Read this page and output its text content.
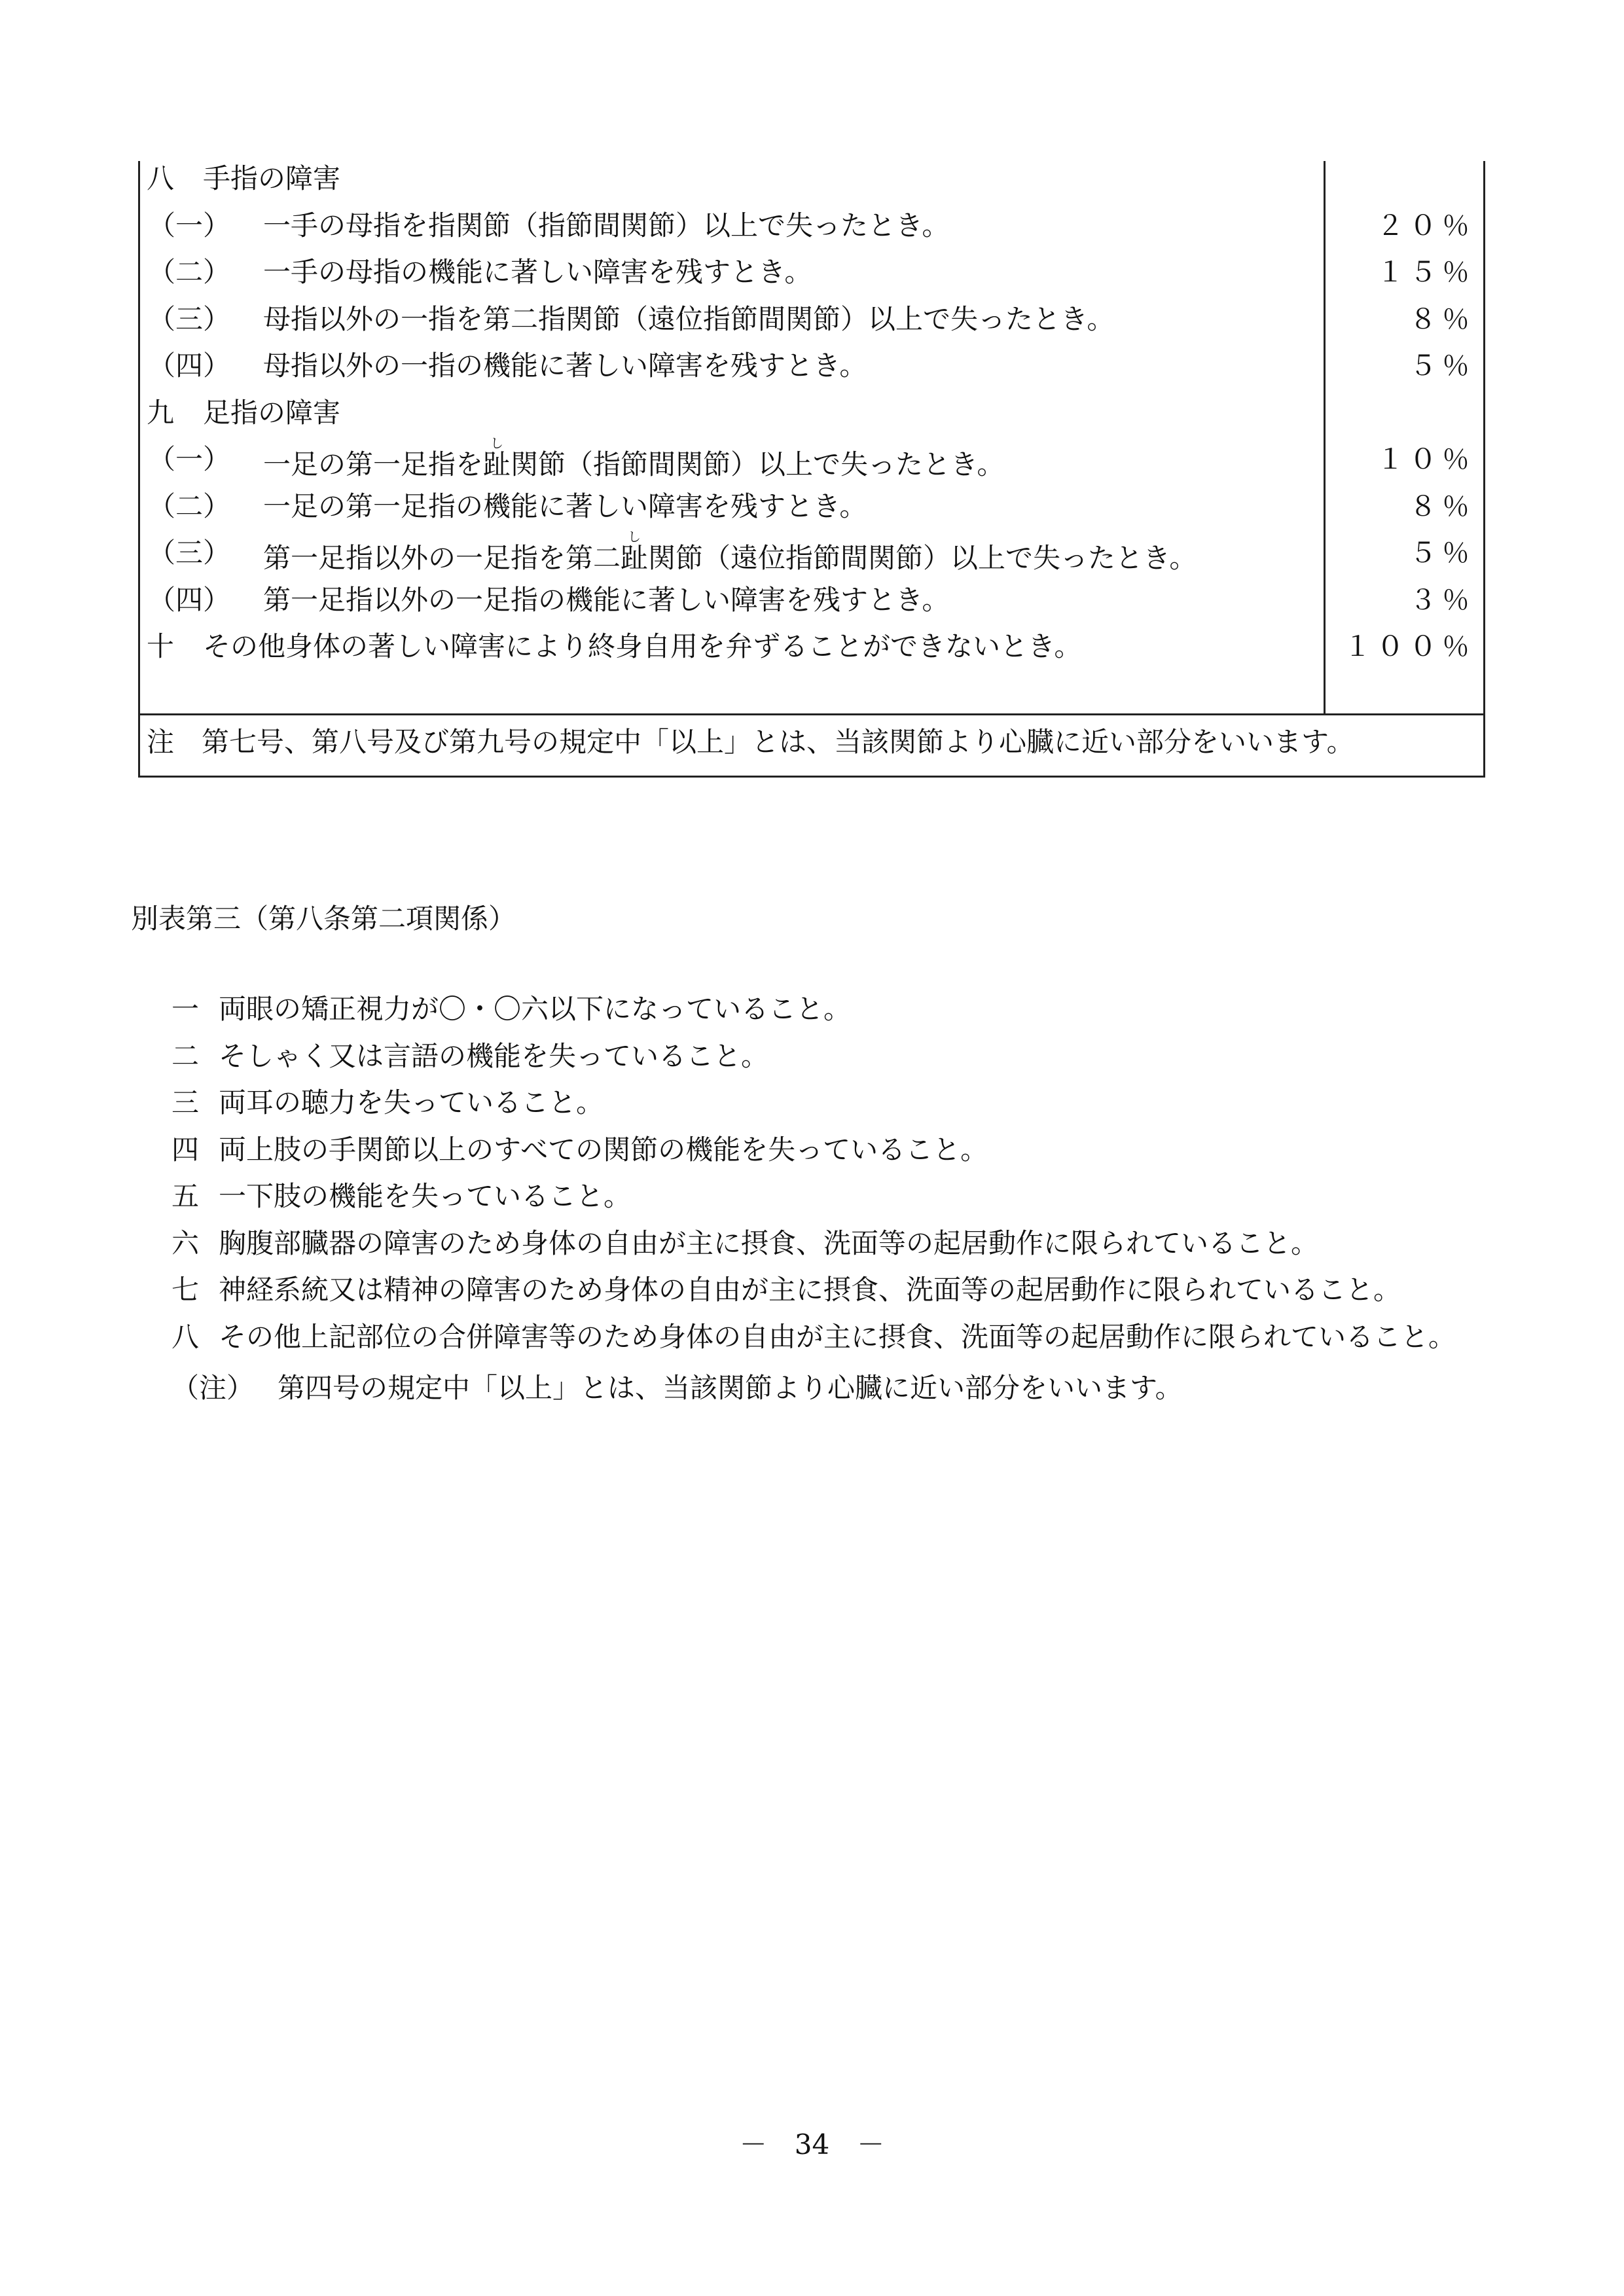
八 手指の障害
（一） 一手の母指を指関節（指節間関節）以上で失ったとき。	２０％
（二） 一手の母指の機能に著しい障害を残すとき。	１５％
（三） 母指以外の一指を第二指関節（遠位指節間関節）以上で失ったとき。	８％
（四） 母指以外の一指の機能に著しい障害を残すとき。	５％
九 足指の障害
（一） 一足の第一足指を趾し関節（指節間関節）以上で失ったとき。	１０％
（二） 一足の第一足指の機能に著しい障害を残すとき。	８％
（三） 第一足指以外の一足指を第二趾し関節（遠位指節間関節）以上で失ったとき。	５％
（四） 第一足指以外の一足指の機能に著しい障害を残すとき。	３％
十 その他身体の著しい障害により終身自用を弁ずることができないとき。	１００％
注　第七号、第八号及び第九号の規定中「以上」とは、当該関節より心臓に近い部分をいいます。
別表第三（第八条第二項関係）
一 両眼の矯正視力が〇・〇六以下になっていること。
二 そしゃく又は言語の機能を失っていること。
三 両耳の聴力を失っていること。
四 両上肢の手関節以上のすべての関節の機能を失っていること。
五 一下肢の機能を失っていること。
六 胸腹部臓器の障害のため身体の自由が主に摂食、洗面等の起居動作に限られていること。
七 神経系統又は精神の障害のため身体の自由が主に摂食、洗面等の起居動作に限られていること。
八 その他上記部位の合併障害等のため身体の自由が主に摂食、洗面等の起居動作に限られていること。
（注） 第四号の規定中「以上」とは、当該関節より心臓に近い部分をいいます。
－　34　－
